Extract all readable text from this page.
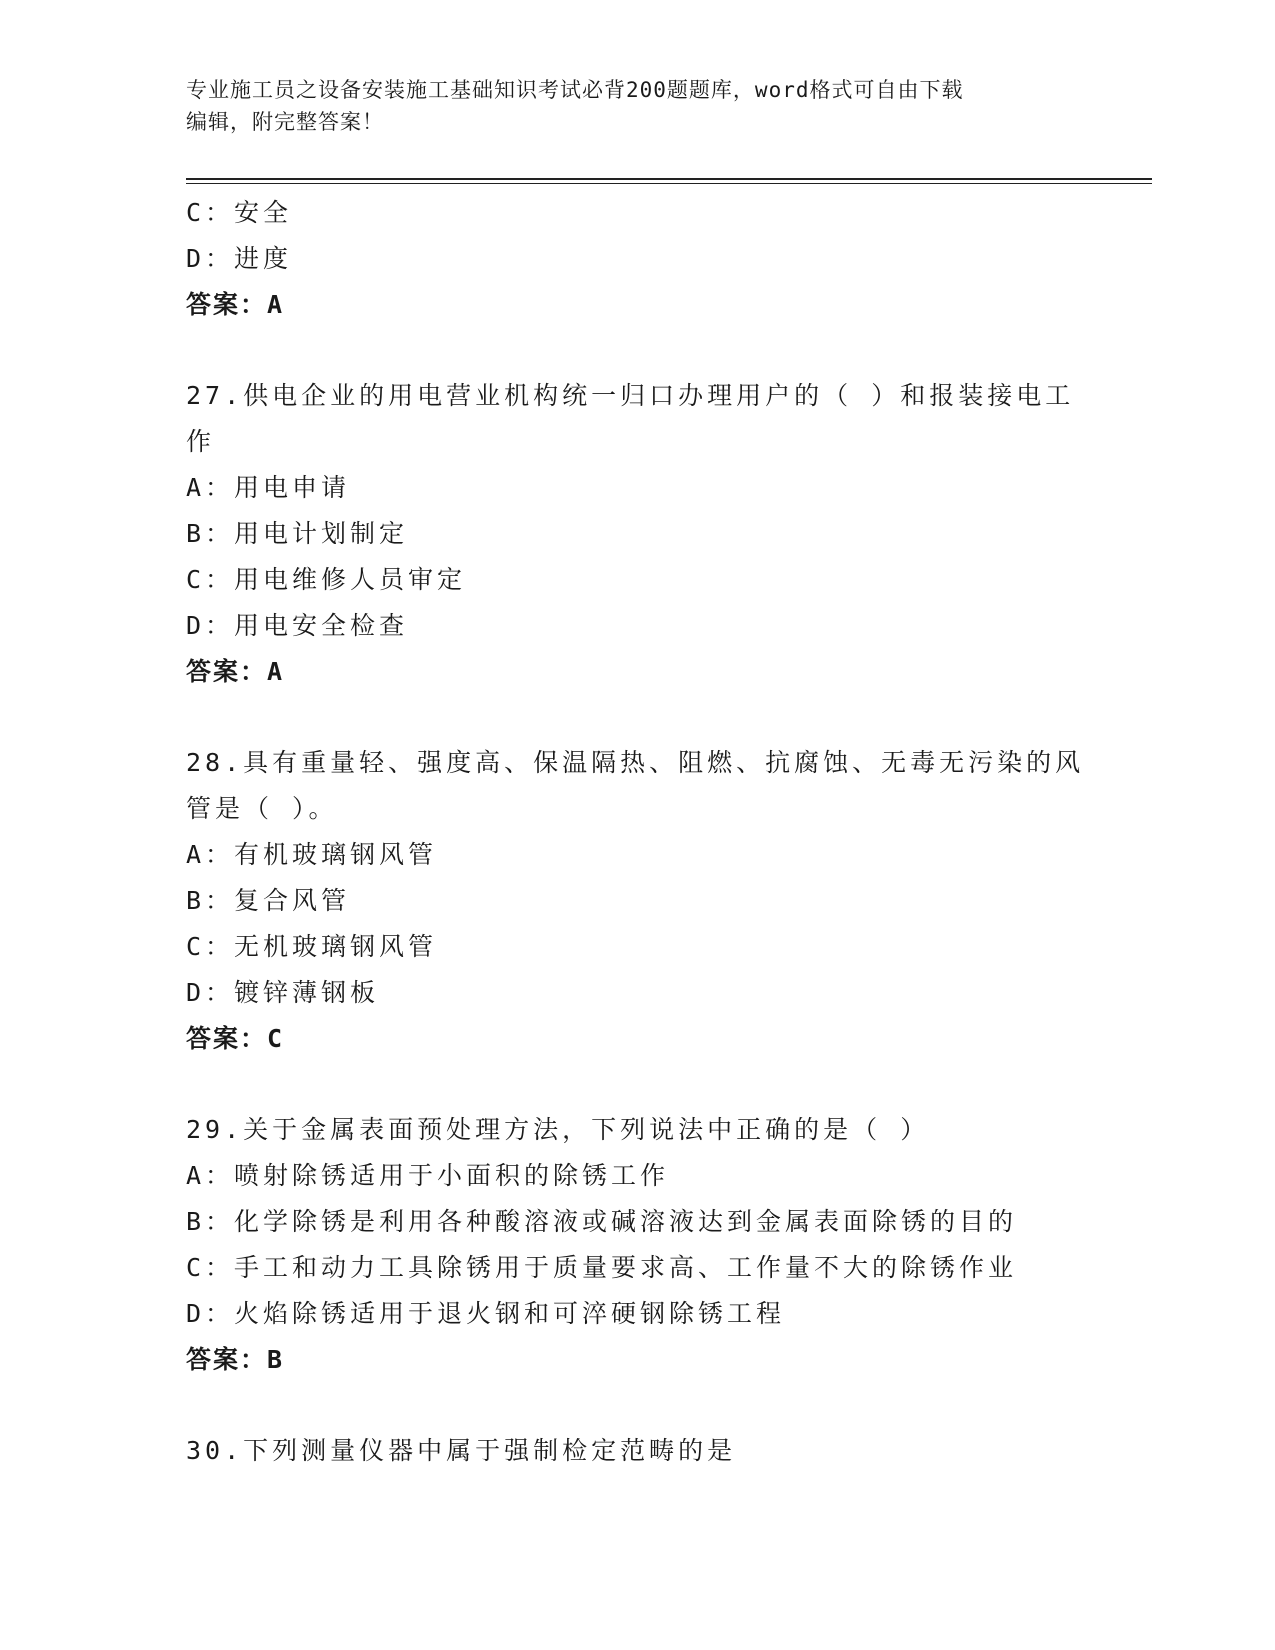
专业施工员之设备安装施工基础知识考试必背200题题库，word格式可自由下载
编辑，附完整答案！
C：安全
D：进度
答案：A
27.供电企业的用电营业机构统一归口办理用户的（ ）和报装接电工
作
A：用电申请
B：用电计划制定
C：用电维修人员审定
D：用电安全检查
答案：A
28.具有重量轻、强度高、保温隔热、阻燃、抗腐蚀、无毒无污染的风
管是（ ）。
A：有机玻璃钢风管
B：复合风管
C：无机玻璃钢风管
D：镀锌薄钢板
答案：C
29.关于金属表面预处理方法，下列说法中正确的是（ ）
A：喷射除锈适用于小面积的除锈工作
B：化学除锈是利用各种酸溶液或碱溶液达到金属表面除锈的目的
C：手工和动力工具除锈用于质量要求高、工作量不大的除锈作业
D：火焰除锈适用于退火钢和可淬硬钢除锈工程
答案：B
30.下列测量仪器中属于强制检定范畴的是
